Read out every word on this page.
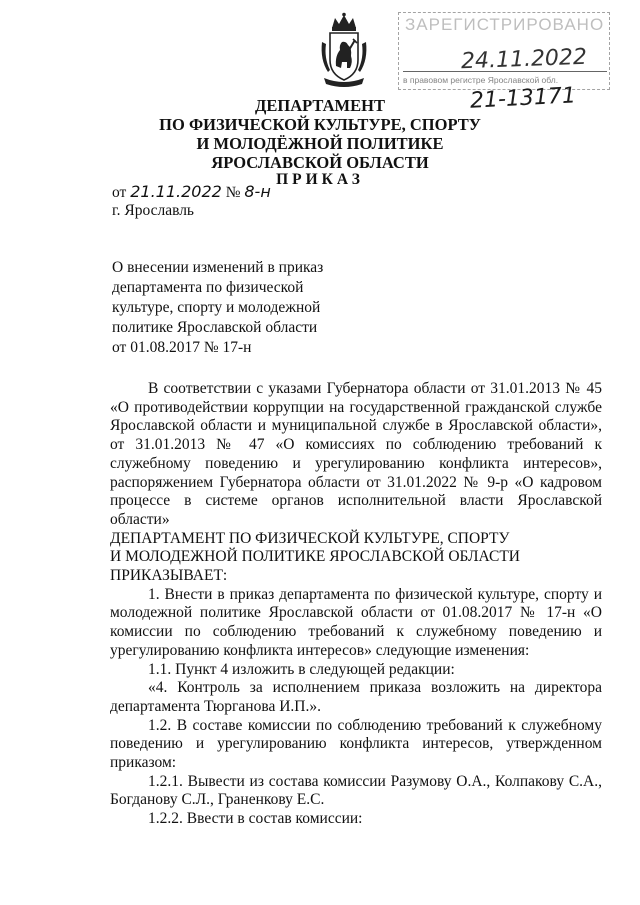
ЗАРЕГИСТРИРОВАНО
24.11.2022
в правовом регистре Ярославской обл.
21-13171
ДЕПАРТАМЕНТ
ПО ФИЗИЧЕСКОЙ КУЛЬТУРЕ, СПОРТУ
И МОЛОДЁЖНОЙ ПОЛИТИКЕ
ЯРОСЛАВСКОЙ ОБЛАСТИ
ПРИКАЗ
от 21.11.2022 № 8-н
г. Ярославль
О внесении изменений в приказ
департамента по физической
культуре, спорту и молодежной
политике Ярославской области
от 01.08.2017 № 17-н

В соответствии с указами Губернатора области от 31.01.2013 № 45 «О противодействии коррупции на государственной гражданской службе Ярославской области и муниципальной службе в Ярославской области», от 31.01.2013 № 47 «О комиссиях по соблюдению требований к служебному поведению и урегулированию конфликта интересов», распоряжением Губернатора области от 31.01.2022 № 9-р «О кадровом процессе в системе органов исполнительной власти Ярославской области»

ДЕПАРТАМЕНТ ПО ФИЗИЧЕСКОЙ КУЛЬТУРЕ, СПОРТУ

И МОЛОДЕЖНОЙ ПОЛИТИКЕ ЯРОСЛАВСКОЙ ОБЛАСТИ

ПРИКАЗЫВАЕТ:

1. Внести в приказ департамента по физической культуре, спорту и молодежной политике Ярославской области от 01.08.2017 № 17-н «О комиссии по соблюдению требований к служебному поведению и урегулированию конфликта интересов» следующие изменения:

1.1. Пункт 4 изложить в следующей редакции:

«4. Контроль за исполнением приказа возложить на директора департамента Тюрганова И.П.».

1.2. В составе комиссии по соблюдению требований к служебному поведению и урегулированию конфликта интересов, утвержденном приказом:

1.2.1. Вывести из состава комиссии Разумову О.А., Колпакову С.А., Богданову С.Л., Граненкову Е.С.

1.2.2. Ввести в состав комиссии:
